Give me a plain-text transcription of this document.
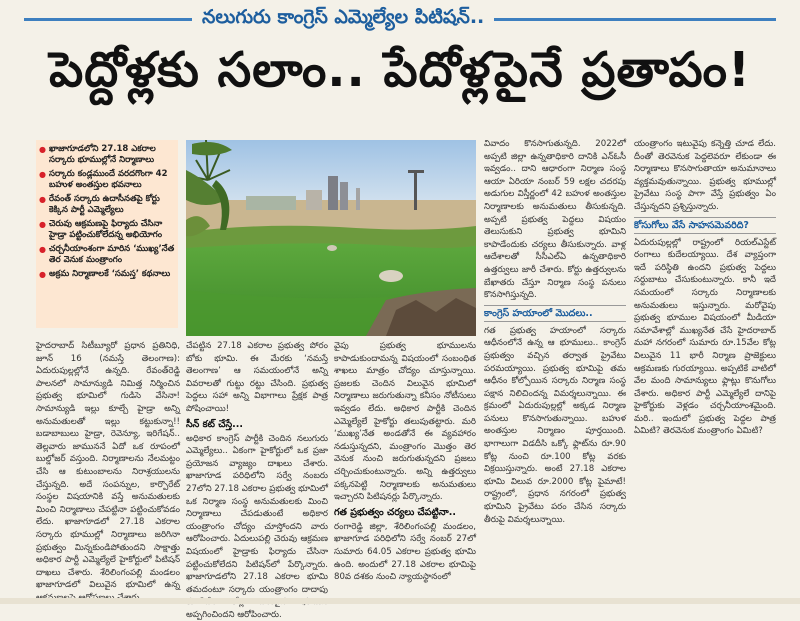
నలుగురు కాంగ్రెస్ ఎమ్మెల్యేల పిటిషన్..
పెద్దోళ్లకు సలాం.. పేదోళ్లపైనే ప్రతాపం!
● ఖాజాగూడలోని 27.18 ఎకరాల సర్కారు భూముల్లోనే నిర్మాణాలు
● సర్కారు కండ్లముందే వరదగొంగా 42 బహుళ అంతస్తుల భవనాలు
● రేవంత్ సర్కారు ఉదాసీనతపై కోర్టు కెక్కిన పార్టీ ఎమ్మెల్యేలు
● చెరువు ఆక్రమణపై ఫిర్యాదు చేసినా హైడ్రా పట్టించుకోలేదన్న అభియోగం
● చర్చనీయాంశంగా మారిన ‘ముఖ్య’నేత తెర వెనుక మంత్రాంగం
● అక్రమ నిర్మాణాలకే ‘సమస్త’ కథనాలు

హైదరాబాద్ సిటీబ్యూరో ప్రధాన ప్రతినిధి, జూన్ 16 (నమస్తే తెలంగాణ): ఏదురుపుల్లల్లోనే ఉన్నది. రేవంత్‌రెడ్డి పాలనలో సామాన్యుడి నిమిత్త నిర్మించిన ప్రభుత్వ భూమిలో గుడిసె వేసినా! సామాన్యుడి ఇల్లు కూల్చే హైడ్రా అన్ని అనుమతులతో ఇల్లు కట్టుకున్నా!! బడాబాబులు హైడ్రా, రెవెన్యూ, ఇరిగేషన్.. తెల్లవారు జాముననే ఏదో ఒక రూపంలో బుల్డోజర్ వస్తుంది. నిర్మాణాలను నేలమట్టం చేసి ఆ కుటుంబాలను నిరాశ్రయులను చేస్తున్నది. అదే సంపన్నుల, కార్పొరేట్ సంస్థల విషయానికి వస్తే అనుమతులకు మించి నిర్మాణాలు చేపట్టినా పట్టించుకోవడం లేదు. ఖాజాగూడలో 27.18 ఎకరాల సర్కారు భూముల్లో నిర్మాణాలు జరిగినా ప్రభుత్వం మిన్నకుండిపోతుందని సాక్షాత్తు అధికార పార్టీ ఎమ్మెల్యేలే హైకోర్టులో పిటిషన్ దాఖలు చేశారు. శేరిలింగంపల్లి మండలం ఖాజాగూడలో విలువైన భూమిలో ఉన్న

చేపట్టిన 27.18 ఎకరాల ప్రభుత్వ పోరం బోకు భూమి. ఈ మేరకు ‘నమస్తే తెలంగాణ’ ఆ సమయంలోనే అన్ని వివరాలతో గుట్టు రట్టు చేసింది. ప్రభుత్వ పెద్దలు సహా అన్ని విభాగాలు ప్రేక్షక పాత్ర పోషించాయి!

సీన్ కట్ చేస్తే...

అధికార కాంగ్రెస్ పార్టీకి చెందిన నలుగురు ఎమ్మెల్యేలు.. ఏకంగా హైకోర్టులో ఒక ప్రజా ప్రయోజన వ్యాజ్యం దాఖలు చేశారు. ఖాజాగూడ పరిధిలోని సర్వే నంబరు 27లోని 27.18 ఎకరాల ప్రభుత్వ భూమిలో ఒక నిర్మాణ సంస్థ అనుమతులకు మించి నిర్మాణాలు చేపడుతుంటే అధికార యంత్రాంగం చోద్యం చూస్తోందని వారు ఆరోపించారు. ఏదులుపల్లి చెరువు ఆక్రమణ విషయంలో హైడ్రాకు ఫిర్యాదు చేసినా పట్టించుకోలేదని పిటిషన్‌లో పేర్కొన్నారు. ఖాజాగూడలోని 27.18 ఎకరాల భూమి తమదంటూ సర్కారు యంత్రాంగం దాదాపు అప్పగించిందని ఆరోపించారు.

వైపు ప్రభుత్వ భూములను కాపాడుకుందామన్న విషయంలో సంబంధిత శాఖలు మాత్రం చోద్యం చూస్తున్నాయి. ప్రజలకు చెందిన విలువైన భూమిలో నిర్మాణాలు జరుగుతున్నా కనీసం నోటీసులు ఇవ్వడం లేదు. అధికార పార్టీకి చెందిన ఎమ్మెల్యేలే హైకోర్టు తలుపుతట్టారు. మరి ‘ముఖ్య’నేత అండతోనే ఈ వ్యవహారం నడుస్తున్నదని, మంత్రాంగం మొత్తం తెర వెనుక నుంచి జరుగుతున్నదని ప్రజలు చర్చించుకుంటున్నారు. అన్ని ఉత్తర్వులు పక్కనపెట్టి నిర్మాణాలకు అనుమతులు ఇచ్చారని పిటిషనర్లు పేర్కొన్నారు.

గత ప్రభుత్వం చర్యలు చేపట్టినా..

రంగారెడ్డి జిల్లా, శేరిలింగంపల్లి మండలం, ఖాజాగూడ పరిధిలోని సర్వే నంబర్ 27లో సుమారు 64.05 ఎకరాల ప్రభుత్వ భూమి ఉంది. అందులో 27.18 ఎకరాల భూమిపై 80వ దశకం నుంచి న్యాయస్థానంలో

వివాదం కొనసాగుతున్నది. 2022లో అప్పటి జిల్లా ఉన్నతాధికారి దానికి ఎన్‌ఓసీ ఇవ్వడం.. దాని ఆధారంగా నిర్మాణ సంస్థ ఆయా ఏరియా నంబర్ 59 లక్షల చదరపు అడుగుల విస్తీర్ణంలో 42 బహుళ అంతస్తుల నిర్మాణాలకు అనుమతులు తీసుకున్నది. అప్పటి ప్రభుత్వ పెద్దలు విషయం తెలుసుకుని ప్రభుత్వ భూమిని కాపాడేందుకు చర్యలు తీసుకున్నారు. వాళ్ల ఆదేశాలతో సీసీఎల్ఏ ఉన్నతాధికారి ఉత్తర్వులు జారీ చేశారు. కోర్టు ఉత్తర్వులను బేఖాతరు చేస్తూ నిర్మాణ సంస్థ పనులు కొనసాగిస్తున్నది.

కాంగ్రెస్ హయాంలో మొదలు..

గత ప్రభుత్వ హయాంలో సర్కారు ఆధీనంలోనే ఉన్న ఆ భూములు.. కాంగ్రెస్ ప్రభుత్వం వచ్చిన తర్వాత ప్రైవేటు పరమయ్యాయి. ప్రభుత్వ భూమిపై తమ ఆధీనం కోల్పోయిన సర్కారు నిర్మాణ సంస్థ పక్షాన నిలిచిందన్న విమర్శలున్నాయి. ఈ క్రమంలో ఏదురుపుల్లల్లో అక్కడ నిర్మాణ పనులు కొనసాగుతున్నాయి. బహుళ అంతస్తుల నిర్మాణం పూర్తయింది. భాగాలుగా విడదీసి ఒక్కో ఫ్లాట్‌ను రూ.90 కోట్ల నుంచి రూ.100 కోట్ల వరకు విక్రయిస్తున్నారు. అంటే 27.18 ఎకరాల భూమి విలువ రూ.2000 కోట్ల పైమాటే! రాష్ట్రంలో, ప్రధాన నగరంలో ప్రభుత్వ భూమిని ప్రైవేటు పరం చేసిన సర్కారు తీరుపై విమర్శలున్నాయి.

యంత్రాంగం ఇటువైపు కన్నెత్తి చూడ లేదు. దీంతో తెరవెనుక పెద్దలెవరూ లేకుండా ఈ నిర్మాణాలు కొనసాగుతాయా అనుమానాలు వ్యక్తమవుతున్నాయి. ప్రభుత్వ భూముల్లో ప్రైవేటు సంస్థ పాగా వేస్తే ప్రభుత్వం ఏం చేస్తున్నదని ప్రశ్నిస్తున్నారు.

కోసుగోలు వేసే సాహసమెవరిది?

ఏదురుపుల్లల్లో రాష్ట్రంలో రియల్‌ఎస్టేట్ రంగాలు కుదేలయ్యాయి. దేశ వ్యాప్తంగా ఇదే పరిస్థితి ఉందని ప్రభుత్వ పెద్దలు సర్దుబాటు చేసుకుంటున్నారు. కానీ ఇదే సమయంలో సర్కారు నిర్మాణాలకు అనుమతులు ఇస్తున్నారు. మరోవైపు ప్రభుత్వ భూముల విషయంలో మీడియా సమావేశాల్లో ముఖ్యనేత చేసే హైదరాబాద్ మహా నగరంలో సుమారు రూ.15వేల కోట్ల విలువైన 11 భారీ నిర్మాణ ప్రాజెక్టులు ఆక్రమణకు గురయ్యాయి. అప్పటికే వాటిలో వేల మంది సామాన్యులు ఫ్లాట్లు కొనుగోలు చేశారు. అధికార పార్టీ ఎమ్మెల్యేలే దానిపై హైకోర్టుకు వెళ్లడం చర్చనీయాంశమైంది. మరి.. ఇందులో ప్రభుత్వ పెద్దల పాత్ర ఏమిటి? తెరవెనుక మంత్రాంగం ఏమిటి?
